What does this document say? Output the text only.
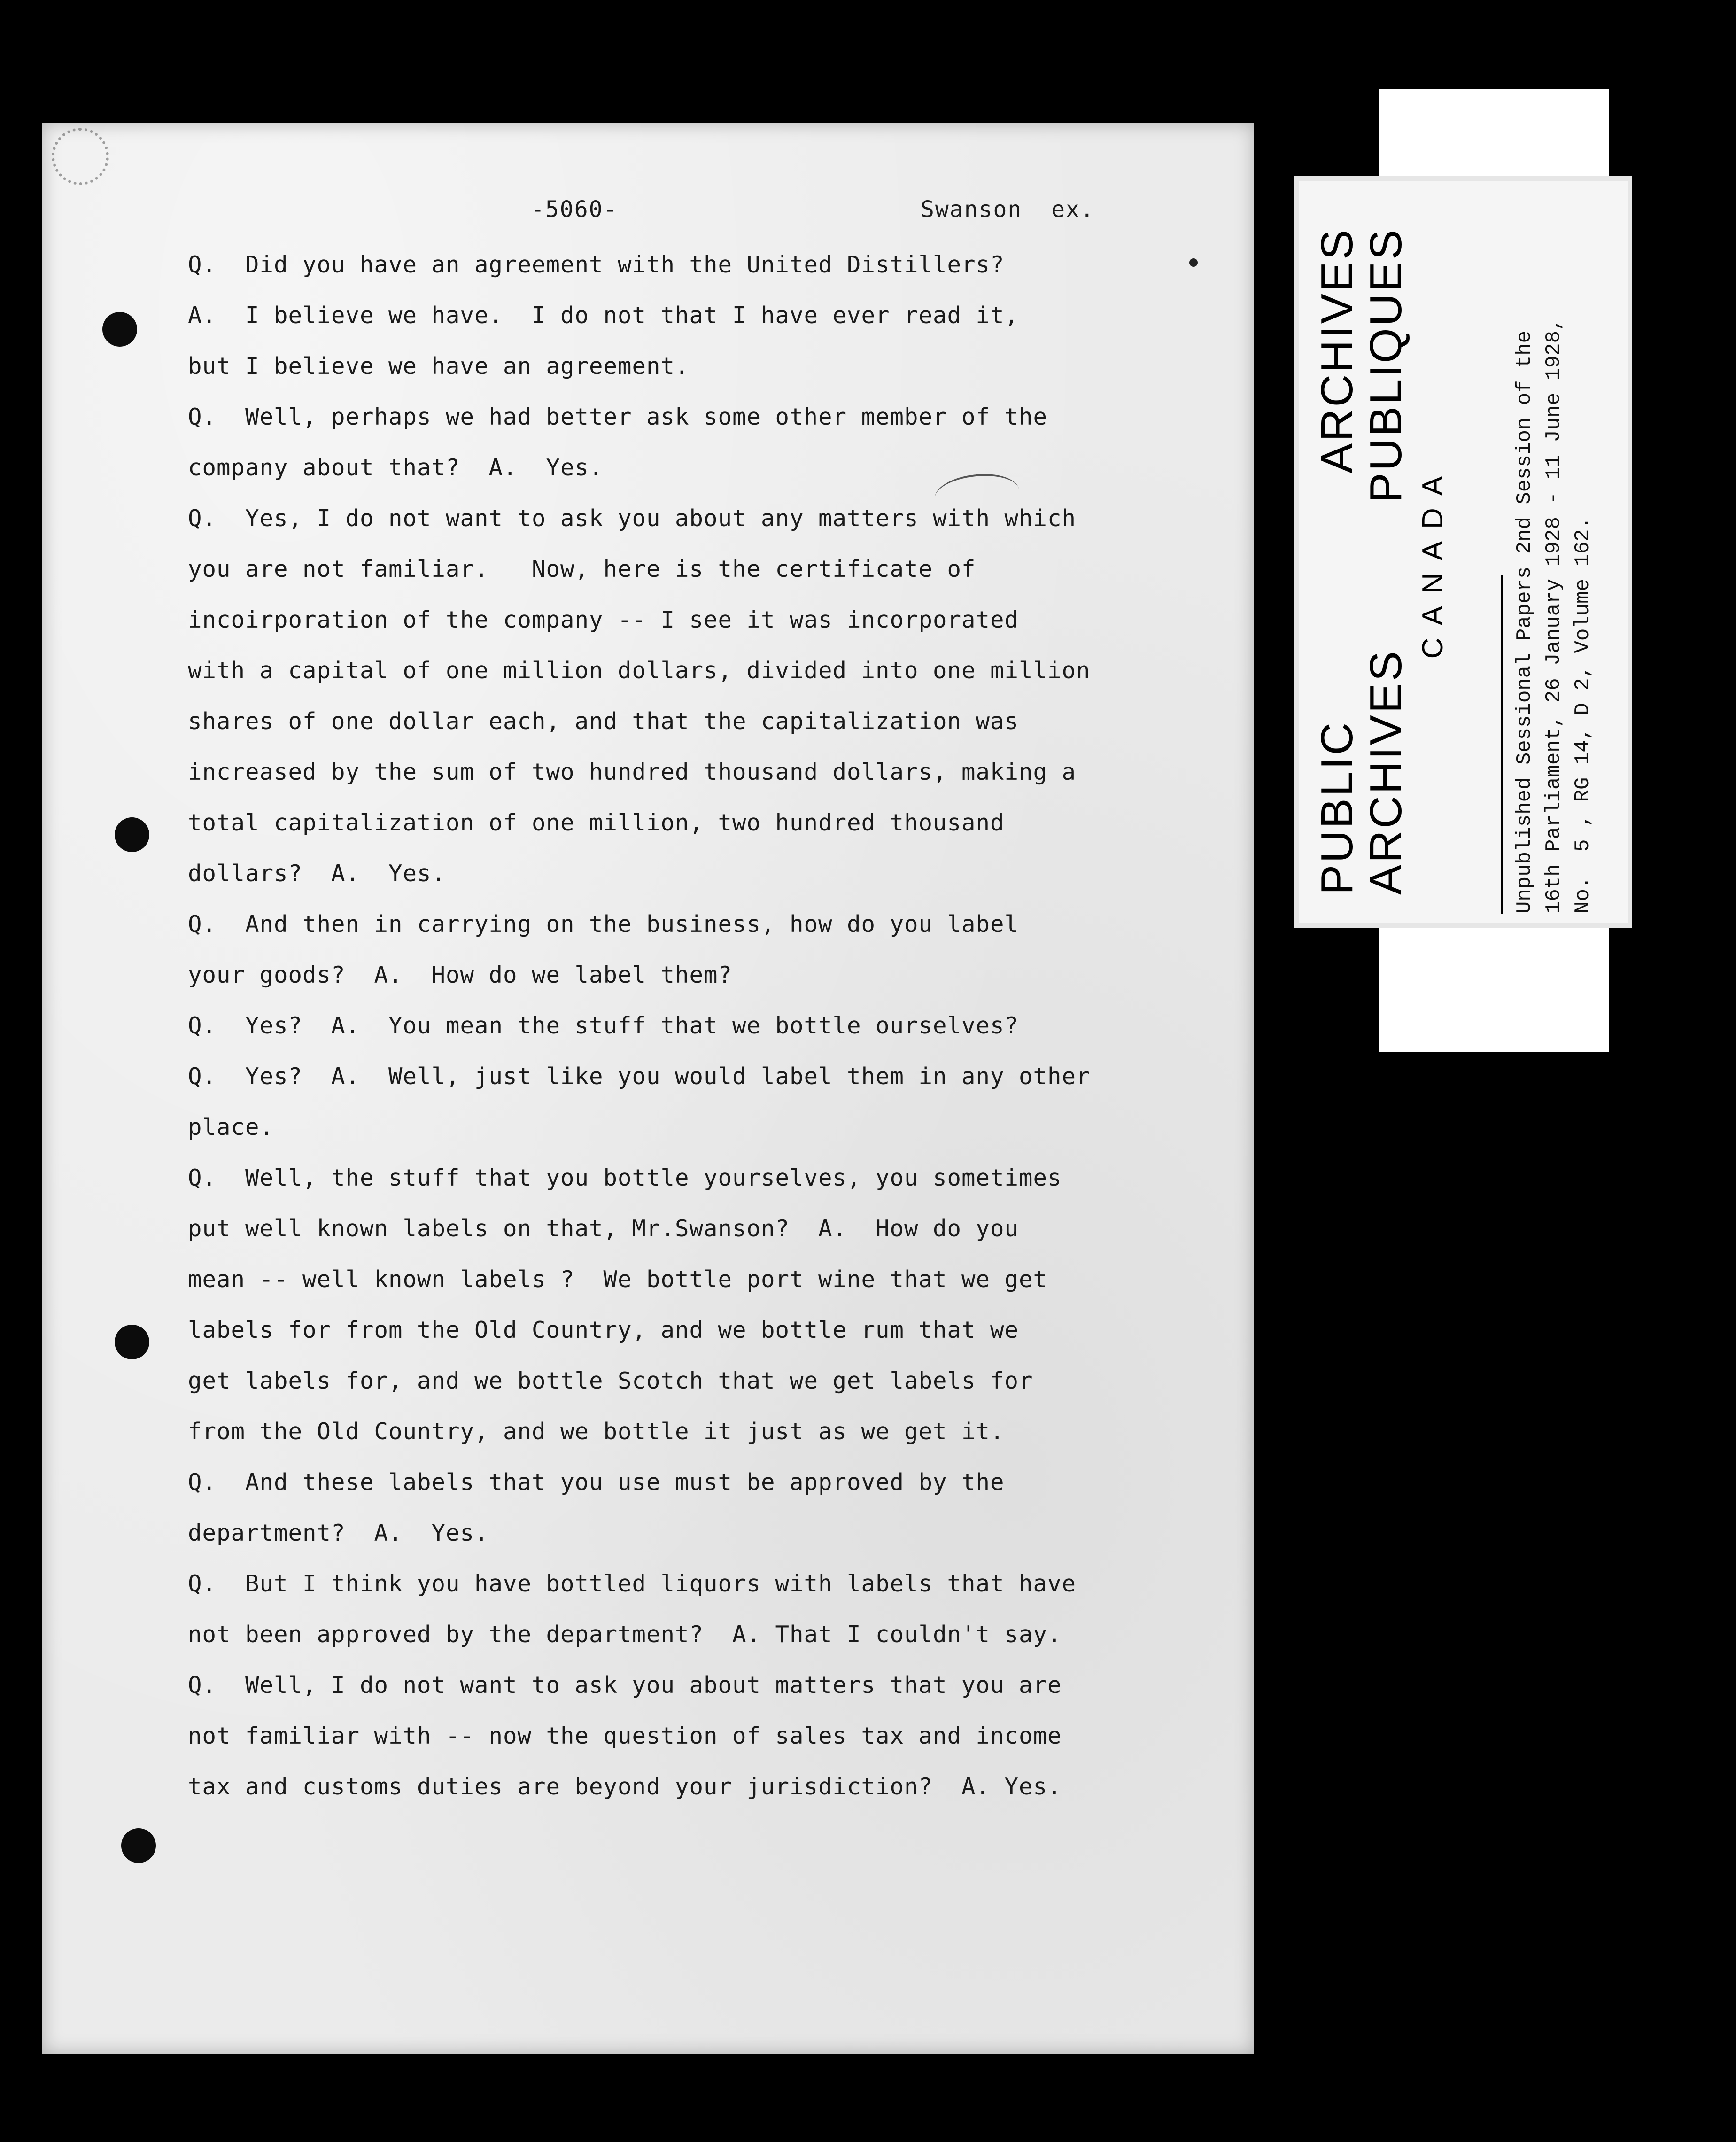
-5060-	Swanson  ex.
Q.  Did you have an agreement with the United Distillers?
A.  I believe we have.  I do not that I have ever read it,
but I believe we have an agreement.
Q.  Well, perhaps we had better ask some other member of the
company about that?  A.  Yes.
Q.  Yes, I do not want to ask you about any matters with which
you are not familiar.   Now, here is the certificate of
incoirporation of the company -- I see it was incorporated
with a capital of one million dollars, divided into one million
shares of one dollar each, and that the capitalization was
increased by the sum of two hundred thousand dollars, making a
total capitalization of one million, two hundred thousand
dollars?  A.  Yes.
Q.  And then in carrying on the business, how do you label
your goods?  A.  How do we label them?
Q.  Yes?  A.  You mean the stuff that we bottle ourselves?
Q.  Yes?  A.  Well, just like you would label them in any other
place.
Q.  Well, the stuff that you bottle yourselves, you sometimes
put well known labels on that, Mr.Swanson?  A.  How do you
mean -- well known labels ?  We bottle port wine that we get
labels for from the Old Country, and we bottle rum that we
get labels for, and we bottle Scotch that we get labels for
from the Old Country, and we bottle it just as we get it.
Q.  And these labels that you use must be approved by the
department?  A.  Yes.
Q.  But I think you have bottled liquors with labels that have
not been approved by the department?  A. That I couldn't say.
Q.  Well, I do not want to ask you about matters that you are
not familiar with -- now the question of sales tax and income
tax and customs duties are beyond your jurisdiction?  A. Yes.
PUBLIC
ARCHIVES
ARCHIVES
PUBLIQUES
CANADA	Unpublished Sessional Papers 2nd Session of the 16th Parliament, 26 January 1928 - 11 June 1928, No.  5 , RG 14, D 2, Volume 162.
